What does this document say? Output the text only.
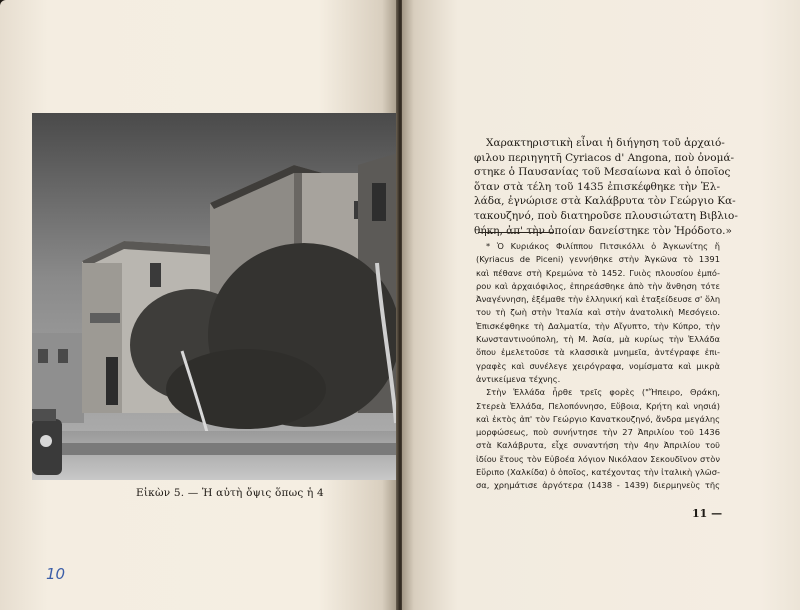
Εἰκὼν 5. — Ἡ αὐτὴ ὄψις ὅπως ἡ 4
10
Χαρακτηριστικὴ εἶναι ἡ διήγηση τοῦ ἀρχαιό-
φιλου περιηγητῆ Cyriacos d' Angona, ποὺ ὀνομά-
στηκε ὁ Παυσανίας τοῦ Μεσαίωνα καὶ ὁ ὁποῖος
ὅταν στὰ τέλη τοῦ 1435 ἐπισκέφθηκε τὴν Ἑλ-
λάδα, ἐγνώρισε στὰ Καλάβρυτα τὸν Γεώργιο Κα-
τακουζηνό, ποὺ διατηροῦσε πλουσιώτατη Βιβλιο-
θήκη, ἀπ' τὴν ὁποίαν δανείστηκε τὸν Ἡρόδοτο.»
* Ὁ Κυριάκος Φιλίππου Πιτσικόλλι ὁ Ἀγκωνίτης ἤ
(Kyriacus de Piceni) γεννήθηκε στὴν Ἀγκῶνα τὸ 1391
καὶ πέθανε στὴ Κρεμώνα τὸ 1452. Γυιὸς πλουσίου ἐμπό-
ρου καὶ ἀρχαιόφιλος, ἐπηρεάσθηκε ἀπὸ τὴν ἄνθηση τότε
Ἀναγέννηση, ἐξέμαθε τὴν ἑλληνική καὶ ἐταξείδευσε σ' ὅλη
του τὴ ζωὴ στὴν Ἰταλία καὶ στὴν ἀνατολικὴ Μεσόγειο.
Ἐπισκέφθηκε τὴ Δαλματία, τὴν Αἴγυπτο, τὴν Κύπρο, τὴν
Κωνσταντινούπολη, τὴ Μ. Ἀσία, μὰ κυρίως τὴν Ἑλλάδα
ὅπου ἐμελετοῦσε τὰ κλασσικὰ μνημεῖα, ἀντέγραφε ἐπι-
γραφὲς καὶ συνέλεγε χειρόγραφα, νομίσματα καὶ μικρὰ
ἀντικείμενα τέχνης.
Στὴν Ἑλλάδα ἦρθε τρεῖς φορὲς ("Ἤπειρο, Θράκη,
Στερεὰ Ἑλλάδα, Πελοπόννησο, Εὔβοια, Κρήτη καὶ νησιά)
καὶ ἐκτὸς ἀπ' τὸν Γεώργιο Κανατκουζηνό, ἄνδρα μεγάλης
μορφώσεως, ποὺ συνήντησε τὴν 27 Ἀπριλίου τοῦ 1436
στὰ Καλάβρυτα, εἶχε συναντήση τὴν 4ην Ἀπριλίου τοῦ
ἰδίου ἔτους τὸν Εὐβοέα λόγιον Νικόλαον Σεκουδῖνον στὸν
Εὔριπο (Χαλκίδα) ὁ ὁποῖος, κατέχοντας τὴν ἰταλικὴ γλῶσ-
σα, χρημάτισε ἀργότερα (1438 - 1439) διερμηνεὺς τῆς
11 —
